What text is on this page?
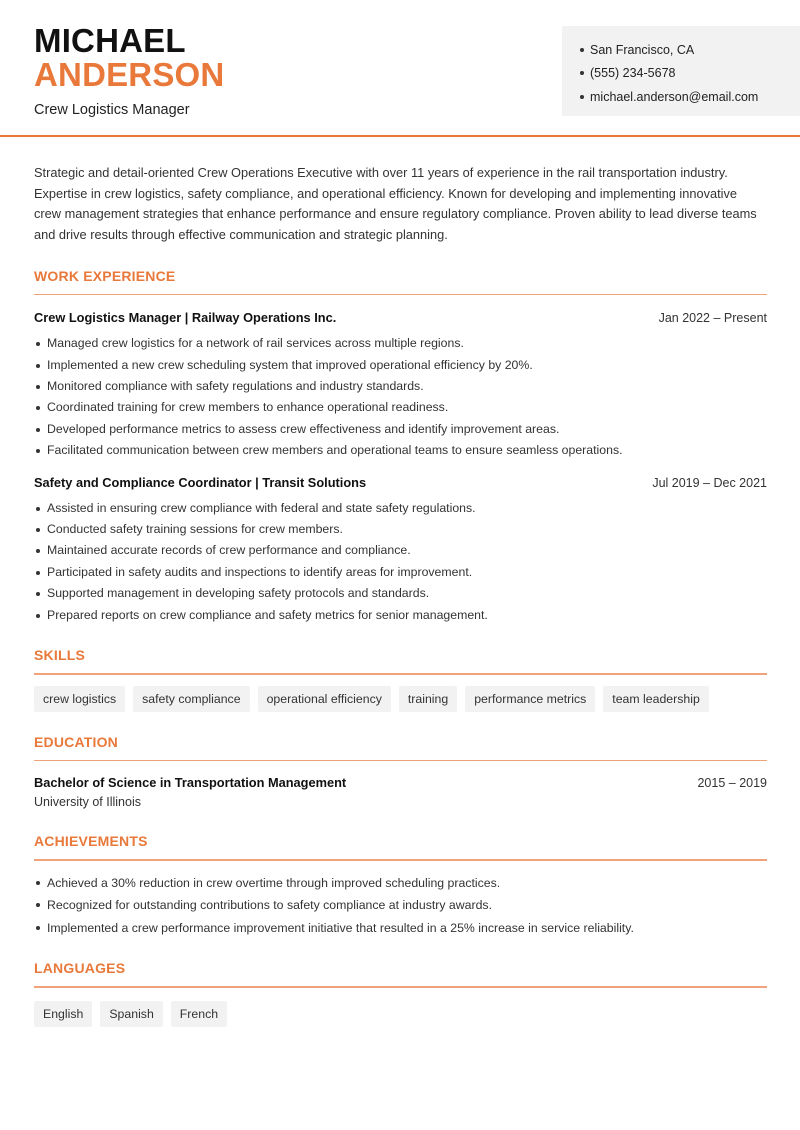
MICHAEL
ANDERSON
Crew Logistics Manager
San Francisco, CA
(555) 234-5678
michael.anderson@email.com

Strategic and detail-oriented Crew Operations Executive with over 11 years of experience in the rail transportation industry. Expertise in crew logistics, safety compliance, and operational efficiency. Known for developing and implementing innovative crew management strategies that enhance performance and ensure regulatory compliance. Proven ability to lead diverse teams and drive results through effective communication and strategic planning.

WORK EXPERIENCE
Crew Logistics Manager | Railway Operations Inc.	Jan 2022 – Present
Managed crew logistics for a network of rail services across multiple regions.
Implemented a new crew scheduling system that improved operational efficiency by 20%.
Monitored compliance with safety regulations and industry standards.
Coordinated training for crew members to enhance operational readiness.
Developed performance metrics to assess crew effectiveness and identify improvement areas.
Facilitated communication between crew members and operational teams to ensure seamless operations.
Safety and Compliance Coordinator | Transit Solutions	Jul 2019 – Dec 2021
Assisted in ensuring crew compliance with federal and state safety regulations.
Conducted safety training sessions for crew members.
Maintained accurate records of crew performance and compliance.
Participated in safety audits and inspections to identify areas for improvement.
Supported management in developing safety protocols and standards.
Prepared reports on crew compliance and safety metrics for senior management.
SKILLS
crew logistics	safety compliance	operational efficiency	training	performance metrics	team leadership
EDUCATION
Bachelor of Science in Transportation Management	2015 – 2019
University of Illinois
ACHIEVEMENTS
Achieved a 30% reduction in crew overtime through improved scheduling practices.
Recognized for outstanding contributions to safety compliance at industry awards.
Implemented a crew performance improvement initiative that resulted in a 25% increase in service reliability.
LANGUAGES
English	Spanish	French
